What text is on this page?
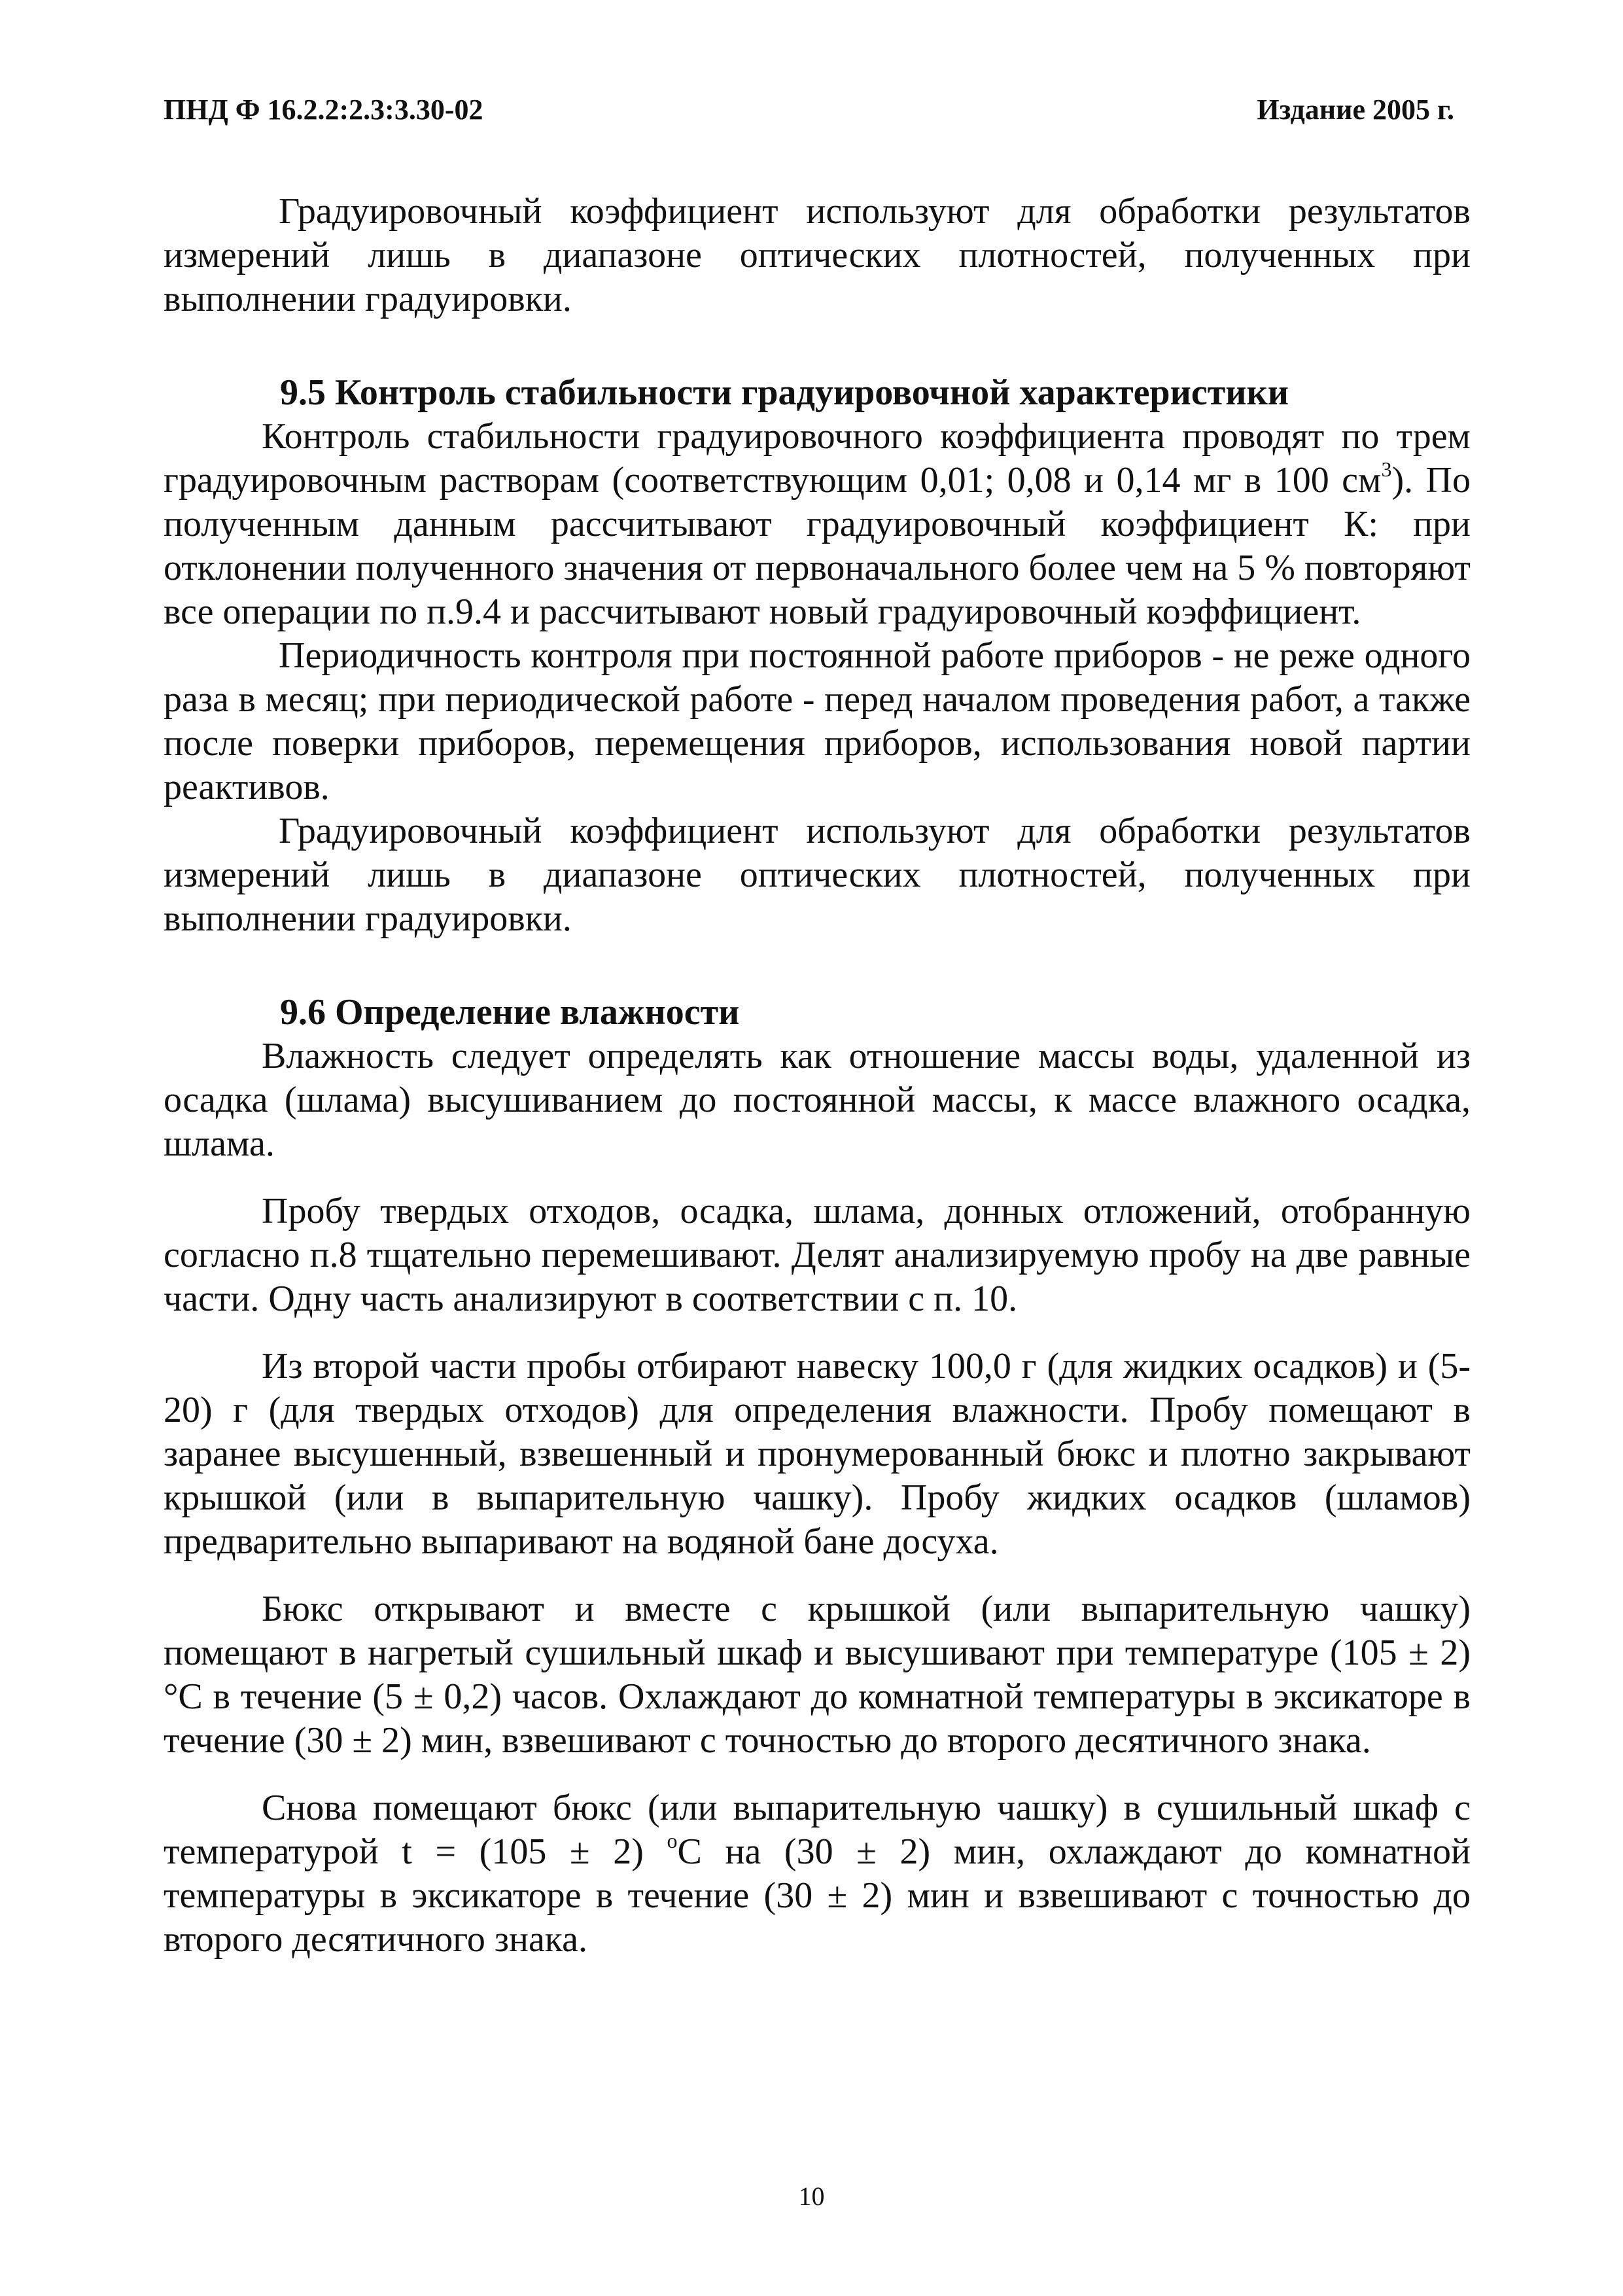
ПНД Ф 16.2.2:2.3:3.30-02	Издание 2005 г.

Градуировочный коэффициент используют для обработки результатов измерений лишь в диапазоне оптических плотностей, полученных при выполнении градуировки.

9.5 Контроль стабильности градуировочной характеристики

Контроль стабильности градуировочного коэффициента проводят по трем градуировочным растворам (соответствующим 0,01; 0,08 и 0,14 мг в 100 $см^3$). По полученным данным рассчитывают градуировочный коэффициент К: при отклонении полученного значения от первоначального более чем на 5 % повторяют все операции по п.9.4 и рассчитывают новый градуировочный коэффициент.

Периодичность контроля при постоянной работе приборов - не реже одного раза в месяц; при периодической работе - перед началом проведения работ, а также после поверки приборов, перемещения приборов, использования новой партии реактивов.

Градуировочный коэффициент используют для обработки результатов измерений лишь в диапазоне оптических плотностей, полученных при выполнении градуировки.

9.6 Определение влажности

Влажность следует определять как отношение массы воды, удаленной из осадка (шлама) высушиванием до постоянной массы, к массе влажного осадка, шлама.

Пробу твердых отходов, осадка, шлама, донных отложений, отобранную согласно п.8 тщательно перемешивают. Делят анализируемую пробу на две равные части. Одну часть анализируют в соответствии с п. 10.

Из второй части пробы отбирают навеску 100,0 г (для жидких осадков) и (5-20) г (для твердых отходов) для определения влажности. Пробу помещают в заранее высушенный, взвешенный и пронумерованный бюкс и плотно закрывают крышкой (или в выпарительную чашку). Пробу жидких осадков (шламов) предварительно выпаривают на водяной бане досуха.

Бюкс открывают и вместе с крышкой (или выпарительную чашку) помещают в нагретый сушильный шкаф и высушивают при температуре (105 ± 2)°С в течение (5 ± 0,2) часов. Охлаждают до комнатной температуры в эксикаторе в течение (30 ± 2) мин, взвешивают с точностью до второго десятичного знака.

Снова помещают бюкс (или выпарительную чашку) в сушильный шкаф с температурой t = (105 ± 2) $^о$С на (30 ± 2) мин, охлаждают до комнатной температуры в эксикаторе в течение (30 ± 2) мин и взвешивают с точностью до второго десятичного знака.

10
